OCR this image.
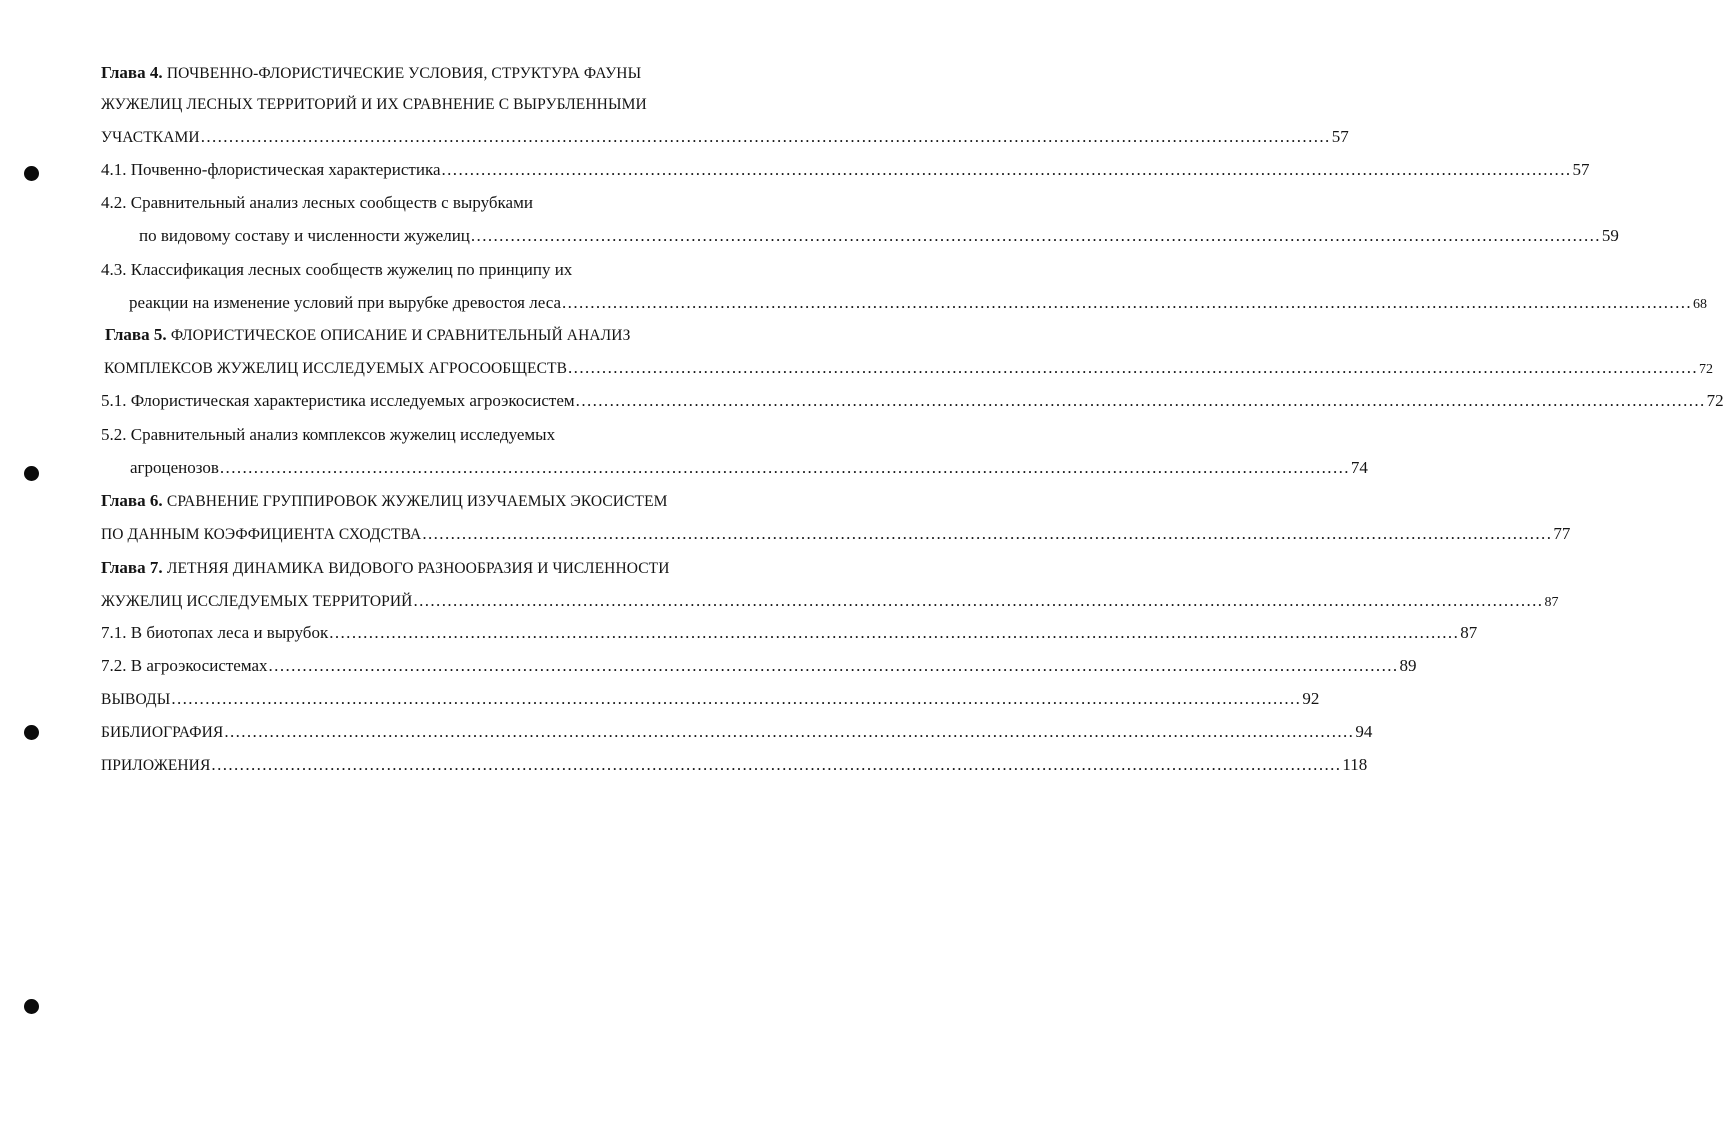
Глава 4. ПОЧВЕННО-ФЛОРИСТИЧЕСКИЕ УСЛОВИЯ, СТРУКТУРА ФАУНЫ
ЖУЖЕЛИЦ ЛЕСНЫХ ТЕРРИТОРИЙ И ИХ СРАВНЕНИЕ С ВЫРУБЛЕННЫМИ
УЧАСТКАМИ ........................................................................................................................................................................................................ 57
4.1. Почвенно-флористическая характеристика ........................................................................................................................................................................................................ 57
4.2. Сравнительный анализ лесных сообществ с вырубками
по видовому составу и численности жужелиц ........................................................................................................................................................................................................ 59
4.3. Классификация лесных сообществ жужелиц по принципу их
реакции на изменение условий при вырубке древостоя леса ........................................................................................................................................................................................................ 68
Глава 5. ФЛОРИСТИЧЕСКОЕ ОПИСАНИЕ И СРАВНИТЕЛЬНЫЙ АНАЛИЗ
КОМПЛЕКСОВ ЖУЖЕЛИЦ ИССЛЕДУЕМЫХ АГРОСООБЩЕСТВ ........................................................................................................................................................................................................ 72
5.1. Флористическая характеристика исследуемых агроэкосистем ........................................................................................................................................................................................................ 72
5.2. Сравнительный анализ комплексов жужелиц исследуемых
агроценозов ........................................................................................................................................................................................................ 74
Глава 6. СРАВНЕНИЕ ГРУППИРОВОК ЖУЖЕЛИЦ ИЗУЧАЕМЫХ ЭКОСИСТЕМ
ПО ДАННЫМ КОЭФФИЦИЕНТА СХОДСТВА ........................................................................................................................................................................................................ 77
Глава 7. ЛЕТНЯЯ ДИНАМИКА ВИДОВОГО РАЗНООБРАЗИЯ И ЧИСЛЕННОСТИ
ЖУЖЕЛИЦ ИССЛЕДУЕМЫХ ТЕРРИТОРИЙ ........................................................................................................................................................................................................ 87
7.1. В биотопах леса и вырубок ........................................................................................................................................................................................................ 87
7.2. В агроэкосистемах ........................................................................................................................................................................................................ 89
ВЫВОДЫ ........................................................................................................................................................................................................ 92
БИБЛИОГРАФИЯ ........................................................................................................................................................................................................ 94
ПРИЛОЖЕНИЯ ........................................................................................................................................................................................................ 118
